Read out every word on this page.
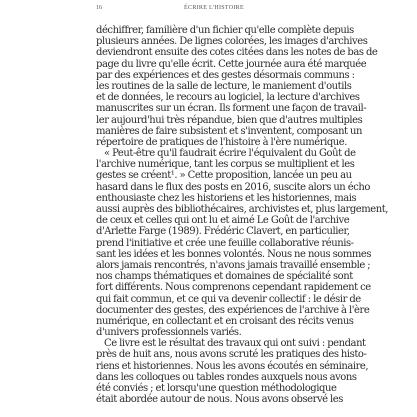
16	ÉCRIRE L'HISTOIRE
déchiffrer, familière d'un fichier qu'elle complète depuis
plusieurs années. De lignes colorées, les images d'archives
deviendront ensuite des cotes citées dans les notes de bas de
page du livre qu'elle écrit. Cette journée aura été marquée
par des expériences et des gestes désormais communs :
les routines de la salle de lecture, le maniement d'outils
et de données, le recours au logiciel, la lecture d'archives
manuscrites sur un écran. Ils forment une façon de travail-
ler aujourd'hui très répandue, bien que d'autres multiples
manières de faire subsistent et s'inventent, composant un
répertoire de pratiques de l'histoire à l'ère numérique.
« Peut-être qu'il faudrait écrire l'équivalent du Goût de
l'archive numérique, tant les corpus se multiplient et les
gestes se créent¹. » Cette proposition, lancée un peu au
hasard dans le flux des posts en 2016, suscite alors un écho
enthousiaste chez les historiens et les historiennes, mais
aussi auprès des bibliothécaires, archivistes et, plus largement,
de ceux et celles qui ont lu et aimé Le Goût de l'archive
d'Arlette Farge (1989). Frédéric Clavert, en particulier,
prend l'initiative et crée une feuille collaborative réunis-
sant les idées et les bonnes volontés. Nous ne nous sommes
alors jamais rencontrés, n'avons jamais travaillé ensemble ;
nos champs thématiques et domaines de spécialité sont
fort différents. Nous comprenons cependant rapidement ce
qui fait commun, et ce qui va devenir collectif : le désir de
documenter des gestes, des expériences de l'archive à l'ère
numérique, en collectant et en croisant des récits venus
d'univers professionnels variés.
Ce livre est le résultat des travaux qui ont suivi : pendant
près de huit ans, nous avons scruté les pratiques des histo-
riens et historiennes. Nous les avons écoutés en séminaire,
dans les colloques ou tables rondes auxquels nous avons
été conviés ; et lorsqu'une question méthodologique
était abordée autour de nous. Nous avons observé les
